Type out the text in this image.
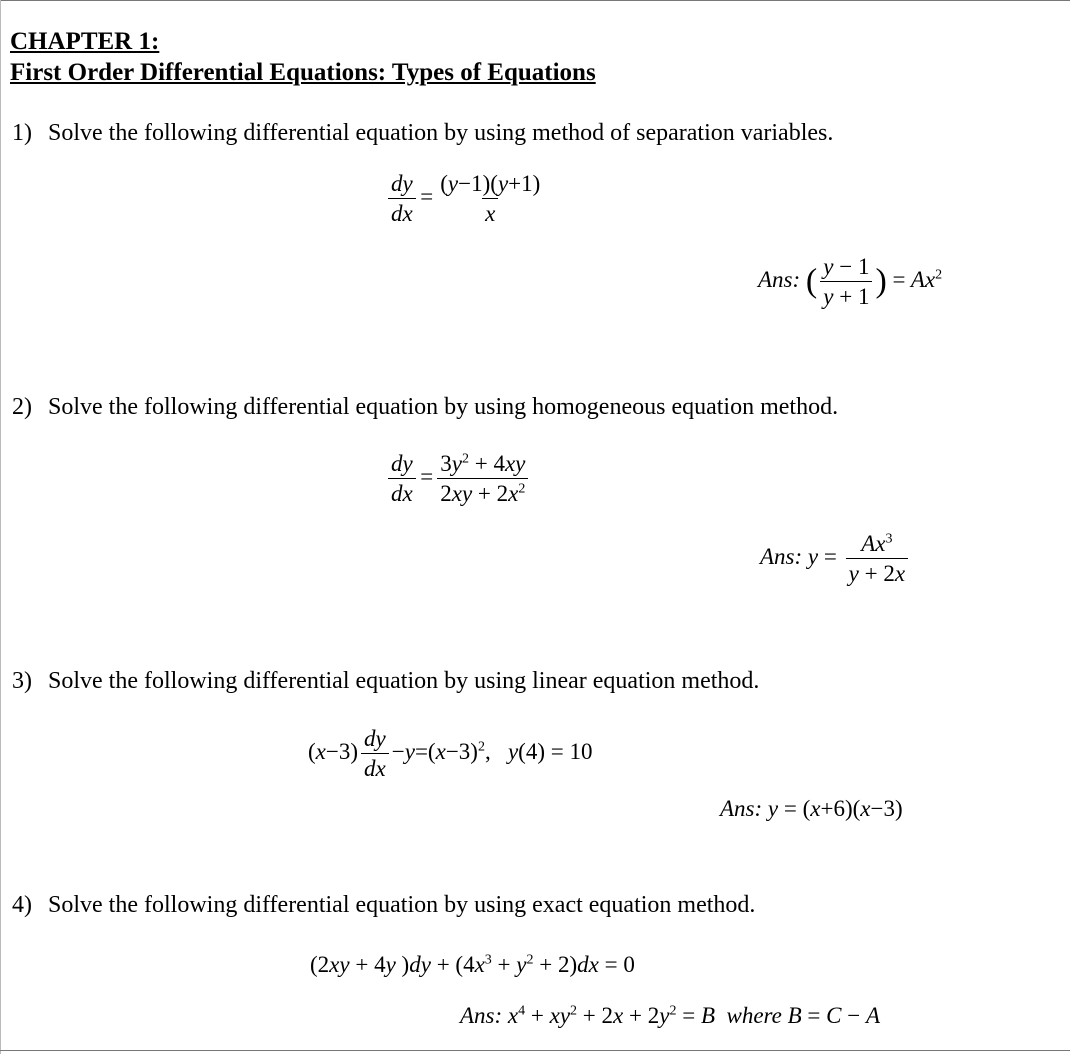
CHAPTER 1:
First Order Differential Equations: Types of Equations
1) Solve the following differential equation by using method of separation variables.
$\frac{dy}{dx} = \frac{(y-1)(y+1)}{x}$
Ans: ( $\frac{y - 1}{y + 1}$ ) = $Ax^2$
2) Solve the following differential equation by using homogeneous equation method.
$\frac{dy}{dx} = \frac{3y^2 + 4xy}{2xy + 2x^2}$
Ans: $y = \frac{Ax^3}{y + 2x}$
3) Solve the following differential equation by using linear equation method.
$(x-3) \frac{dy}{dx} -y=(x-3)^2$,   y(4) = 10
Ans: y = (x+6)(x−3)
4) Solve the following differential equation by using exact equation method.
(2xy + 4y )$dy + (4x^3 + y^2 + 2)dx = 0$
Ans: $x^4 + xy^2 + 2x + 2y^2 = B$  where B = C − A
